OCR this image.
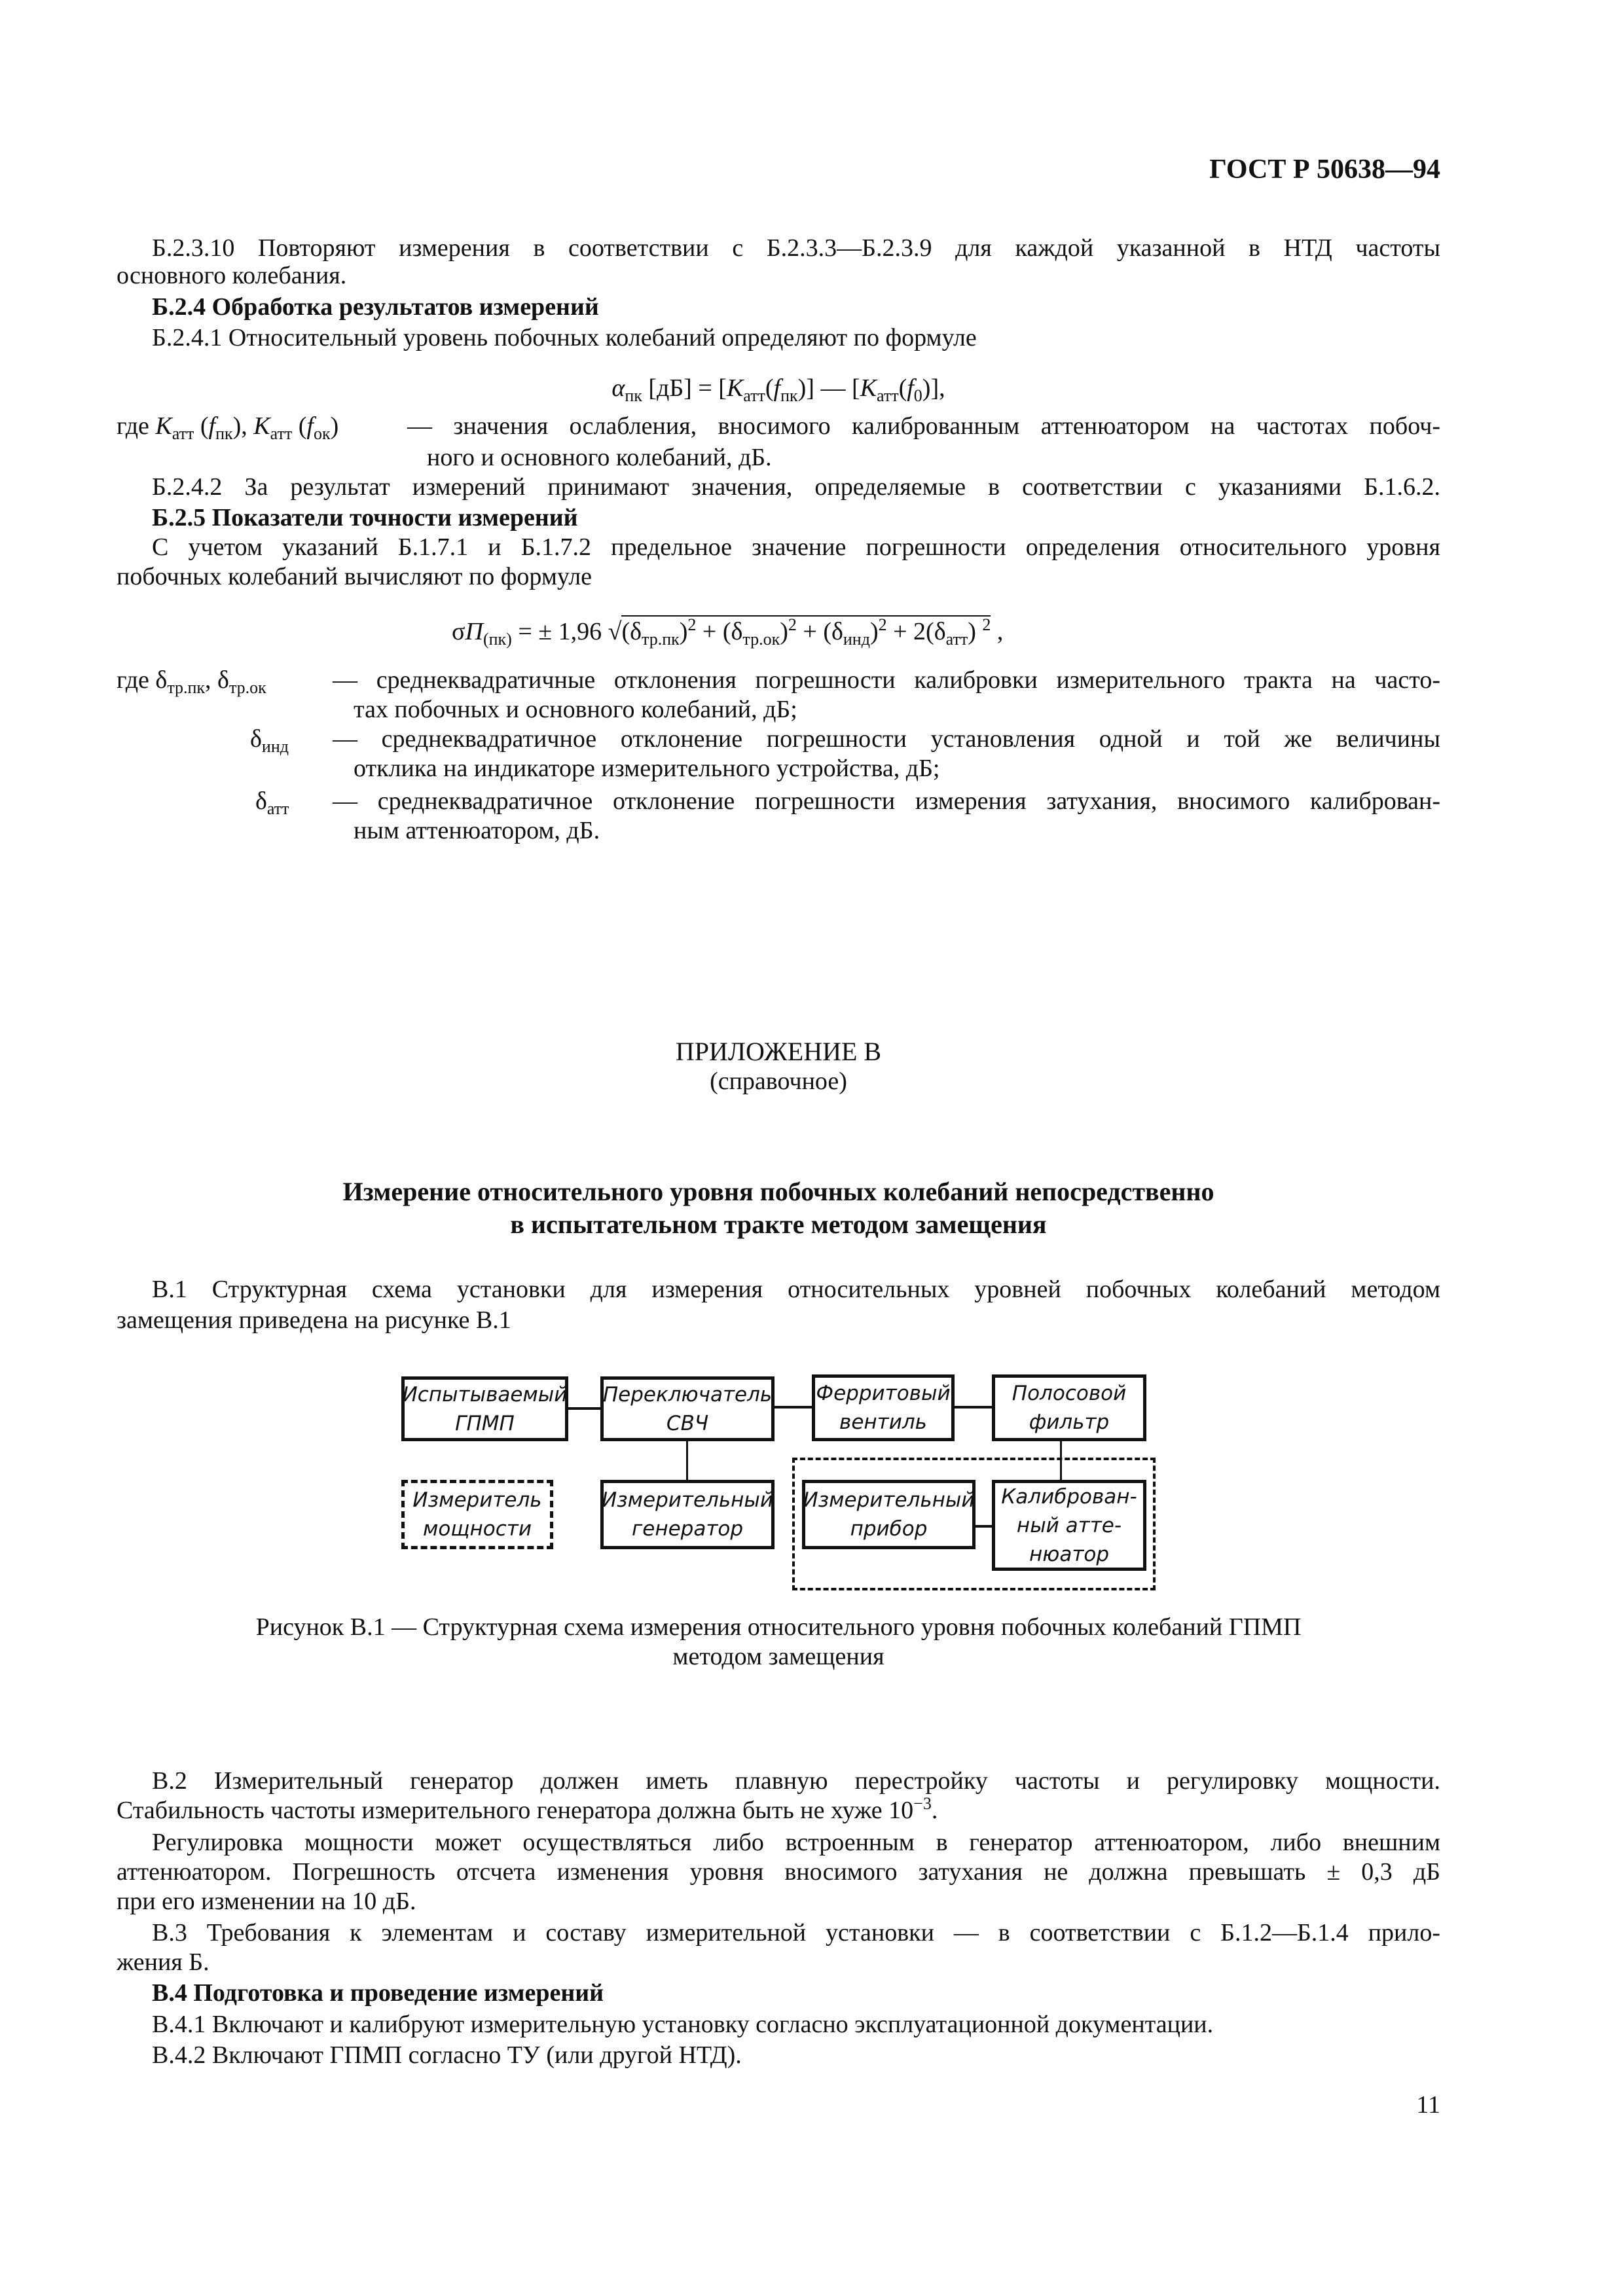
ГОСТ Р 50638—94
Б.2.3.10 Повторяют измерения в соответствии с Б.2.3.3—Б.2.3.9 для каждой указанной в НТД частоты
основного колебания.
Б.2.4 Обработка результатов измерений
Б.2.4.1 Относительный уровень побочных колебаний определяют по формуле
$\alpha_{пк}$ $[дБ] = [K_{атт}(f_{пк})]$ — $[K_{атт}(f_0)]$,
где $K_{атт}$ $(f_{пк})$, $K_{атт}$ $(f_{ок})$	— значения ослабления, вносимого калиброванным аттенюатором на частотах побоч-
ного и основного колебаний, дБ.
Б.2.4.2 За результат измерений принимают значения, определяемые в соответствии с указаниями Б.1.6.2.
Б.2.5 Показатели точности измерений
С учетом указаний Б.1.7.1 и Б.1.7.2 предельное значение погрешности определения относительного уровня
побочных колебаний вычисляют по формуле
$\sigma П_{(пк)}$ = ± 1,96 $√(\delta_{тр.пк})^2 + (\delta_{тр.ок})^2 + (\delta_{инд})^2 + 2(\delta_{атт})$ $^2$ ,
где $\delta_{тр.пк}$, $\delta_{тр.ок}$	— среднеквадратичные отклонения погрешности калибровки измерительного тракта на часто-
тах побочных и основного колебаний, дБ;
$\delta_{инд}$ — среднеквадратичное отклонение погрешности установления одной и той же величины
отклика на индикаторе измерительного устройства, дБ;
$\delta_{атт}$ — среднеквадратичное отклонение погрешности измерения затухания, вносимого калиброван-
ным аттенюатором, дБ.
ПРИЛОЖЕНИЕ В
(справочное)
Измерение относительного уровня побочных колебаний непосредственно
в испытательном тракте методом замещения
В.1 Структурная схема установки для измерения относительных уровней побочных колебаний методом
замещения приведена на рисунке В.1
Испытываемый
ГПМП
Переключатель
СВЧ
Ферритовый
вентиль
Полосовой
фильтр
Измеритель
мощности
Измерительный
генератор
Измерительный
прибор
Калиброван-
ный атте-
нюатор
Рисунок В.1 — Структурная схема измерения относительного уровня побочных колебаний ГПМП
методом замещения
В.2 Измерительный генератор должен иметь плавную перестройку частоты и регулировку мощности.
Стабильность частоты измерительного генератора должна быть не хуже $10^{-3}$.
Регулировка мощности может осуществляться либо встроенным в генератор аттенюатором, либо внешним
аттенюатором. Погрешность отсчета изменения уровня вносимого затухания не должна превышать ± 0,3 дБ
при его изменении на 10 дБ.
В.3 Требования к элементам и составу измерительной установки — в соответствии с Б.1.2—Б.1.4 прило-
жения Б.
В.4 Подготовка и проведение измерений
В.4.1 Включают и калибруют измерительную установку согласно эксплуатационной документации.
В.4.2 Включают ГПМП согласно ТУ (или другой НТД).
11
